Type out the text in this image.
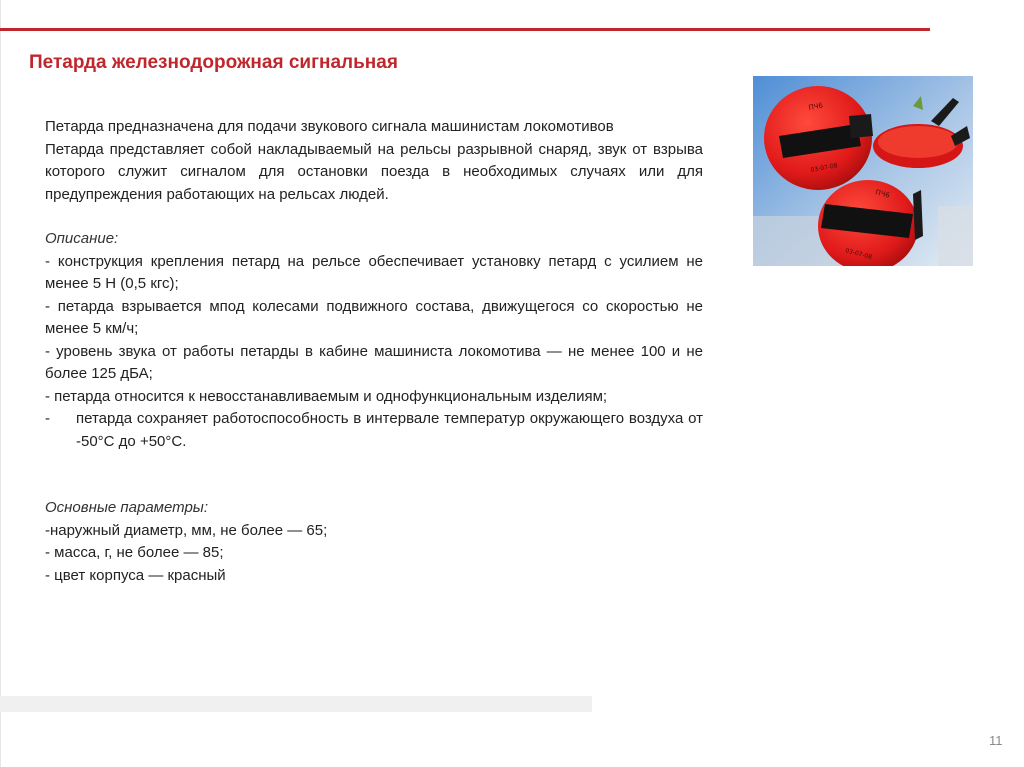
Петарда железнодорожная сигнальная

Петарда предназначена для подачи звукового сигнала машинистам локомотивов

Петарда представляет собой накладываемый на рельсы разрывной снаряд, звук от взрыва которого служит сигналом для остановки поезда в необходимых случаях или для предупреждения работающих на рельсах людей.

Описание:

- конструкция крепления петард на рельсе обеспечивает установку петард с усилием не менее 5 Н (0,5 кгс);

- петарда взрывается мпод колесами подвижного состава, движущегося со скоростью не менее 5 км/ч;

- уровень звука от работы петарды в кабине машиниста локомотива — не менее 100 и не более 125 дБА;

- петарда относится к невосстанавливаемым и однофункциональным изделиям;

-	петарда сохраняет работоспособность в интервале температур окружающего воздуха от -50°С до +50°С.

Основные параметры:

-наружный диаметр, мм, не более — 65;

- масса, г, не более — 85;

- цвет корпуса — красный

ПЧ6
03-07-08
ПЧ6
03-07-08
11
